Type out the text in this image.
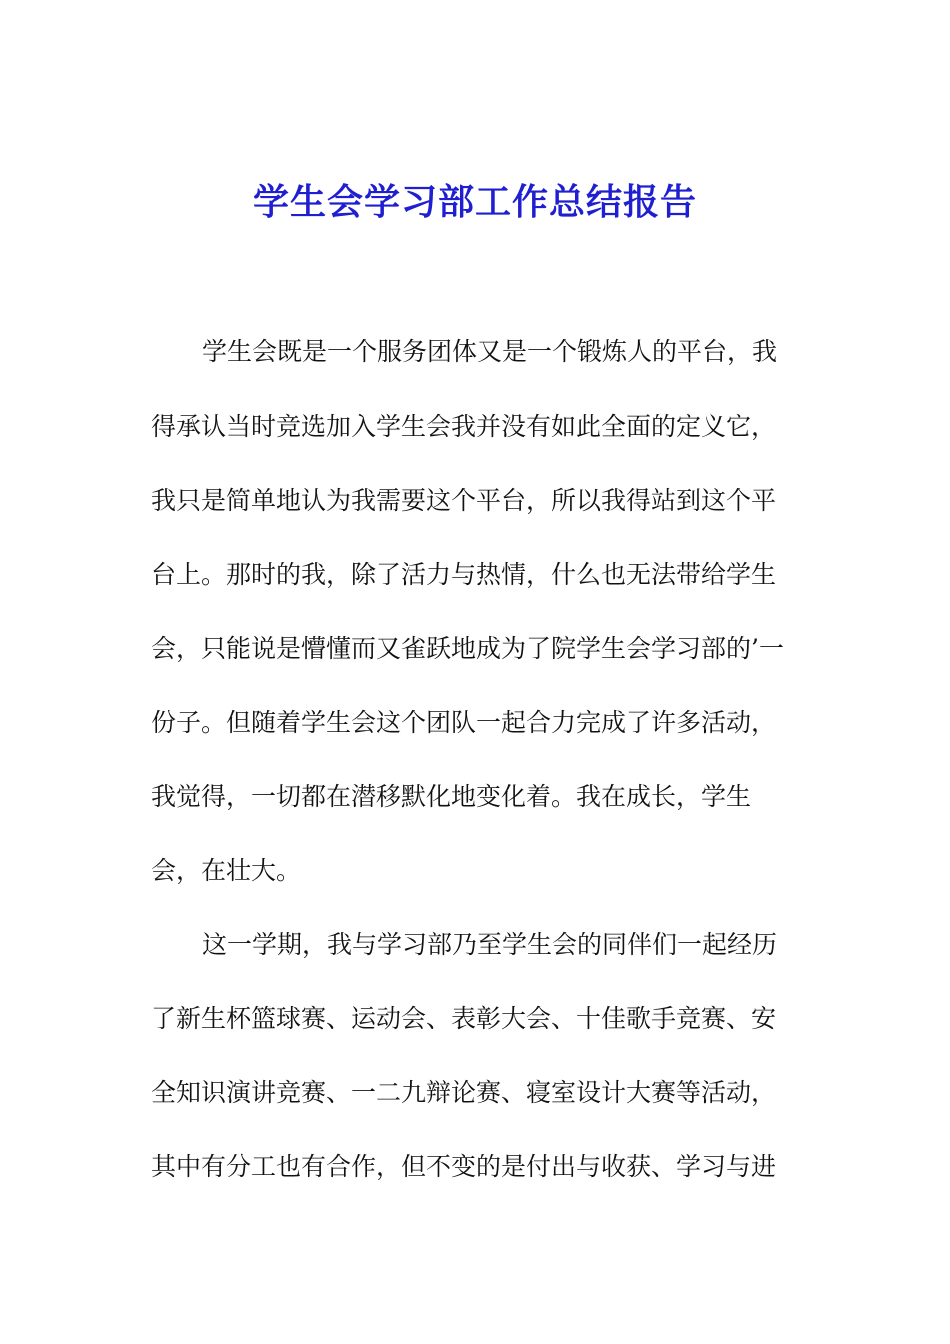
学生会学习部工作总结报告
学生会既是一个服务团体又是一个锻炼人的平台，我
得承认当时竞选加入学生会我并没有如此全面的定义它，
我只是简单地认为我需要这个平台，所以我得站到这个平
台上。那时的我，除了活力与热情，什么也无法带给学生
会，只能说是懵懂而又雀跃地成为了院学生会学习部的’一
份子。但随着学生会这个团队一起合力完成了许多活动，
我觉得，一切都在潜移默化地变化着。我在成长，学生
会，在壮大。
这一学期，我与学习部乃至学生会的同伴们一起经历
了新生杯篮球赛、运动会、表彰大会、十佳歌手竞赛、安
全知识演讲竞赛、一二九辩论赛、寝室设计大赛等活动，
其中有分工也有合作，但不变的是付出与收获、学习与进
